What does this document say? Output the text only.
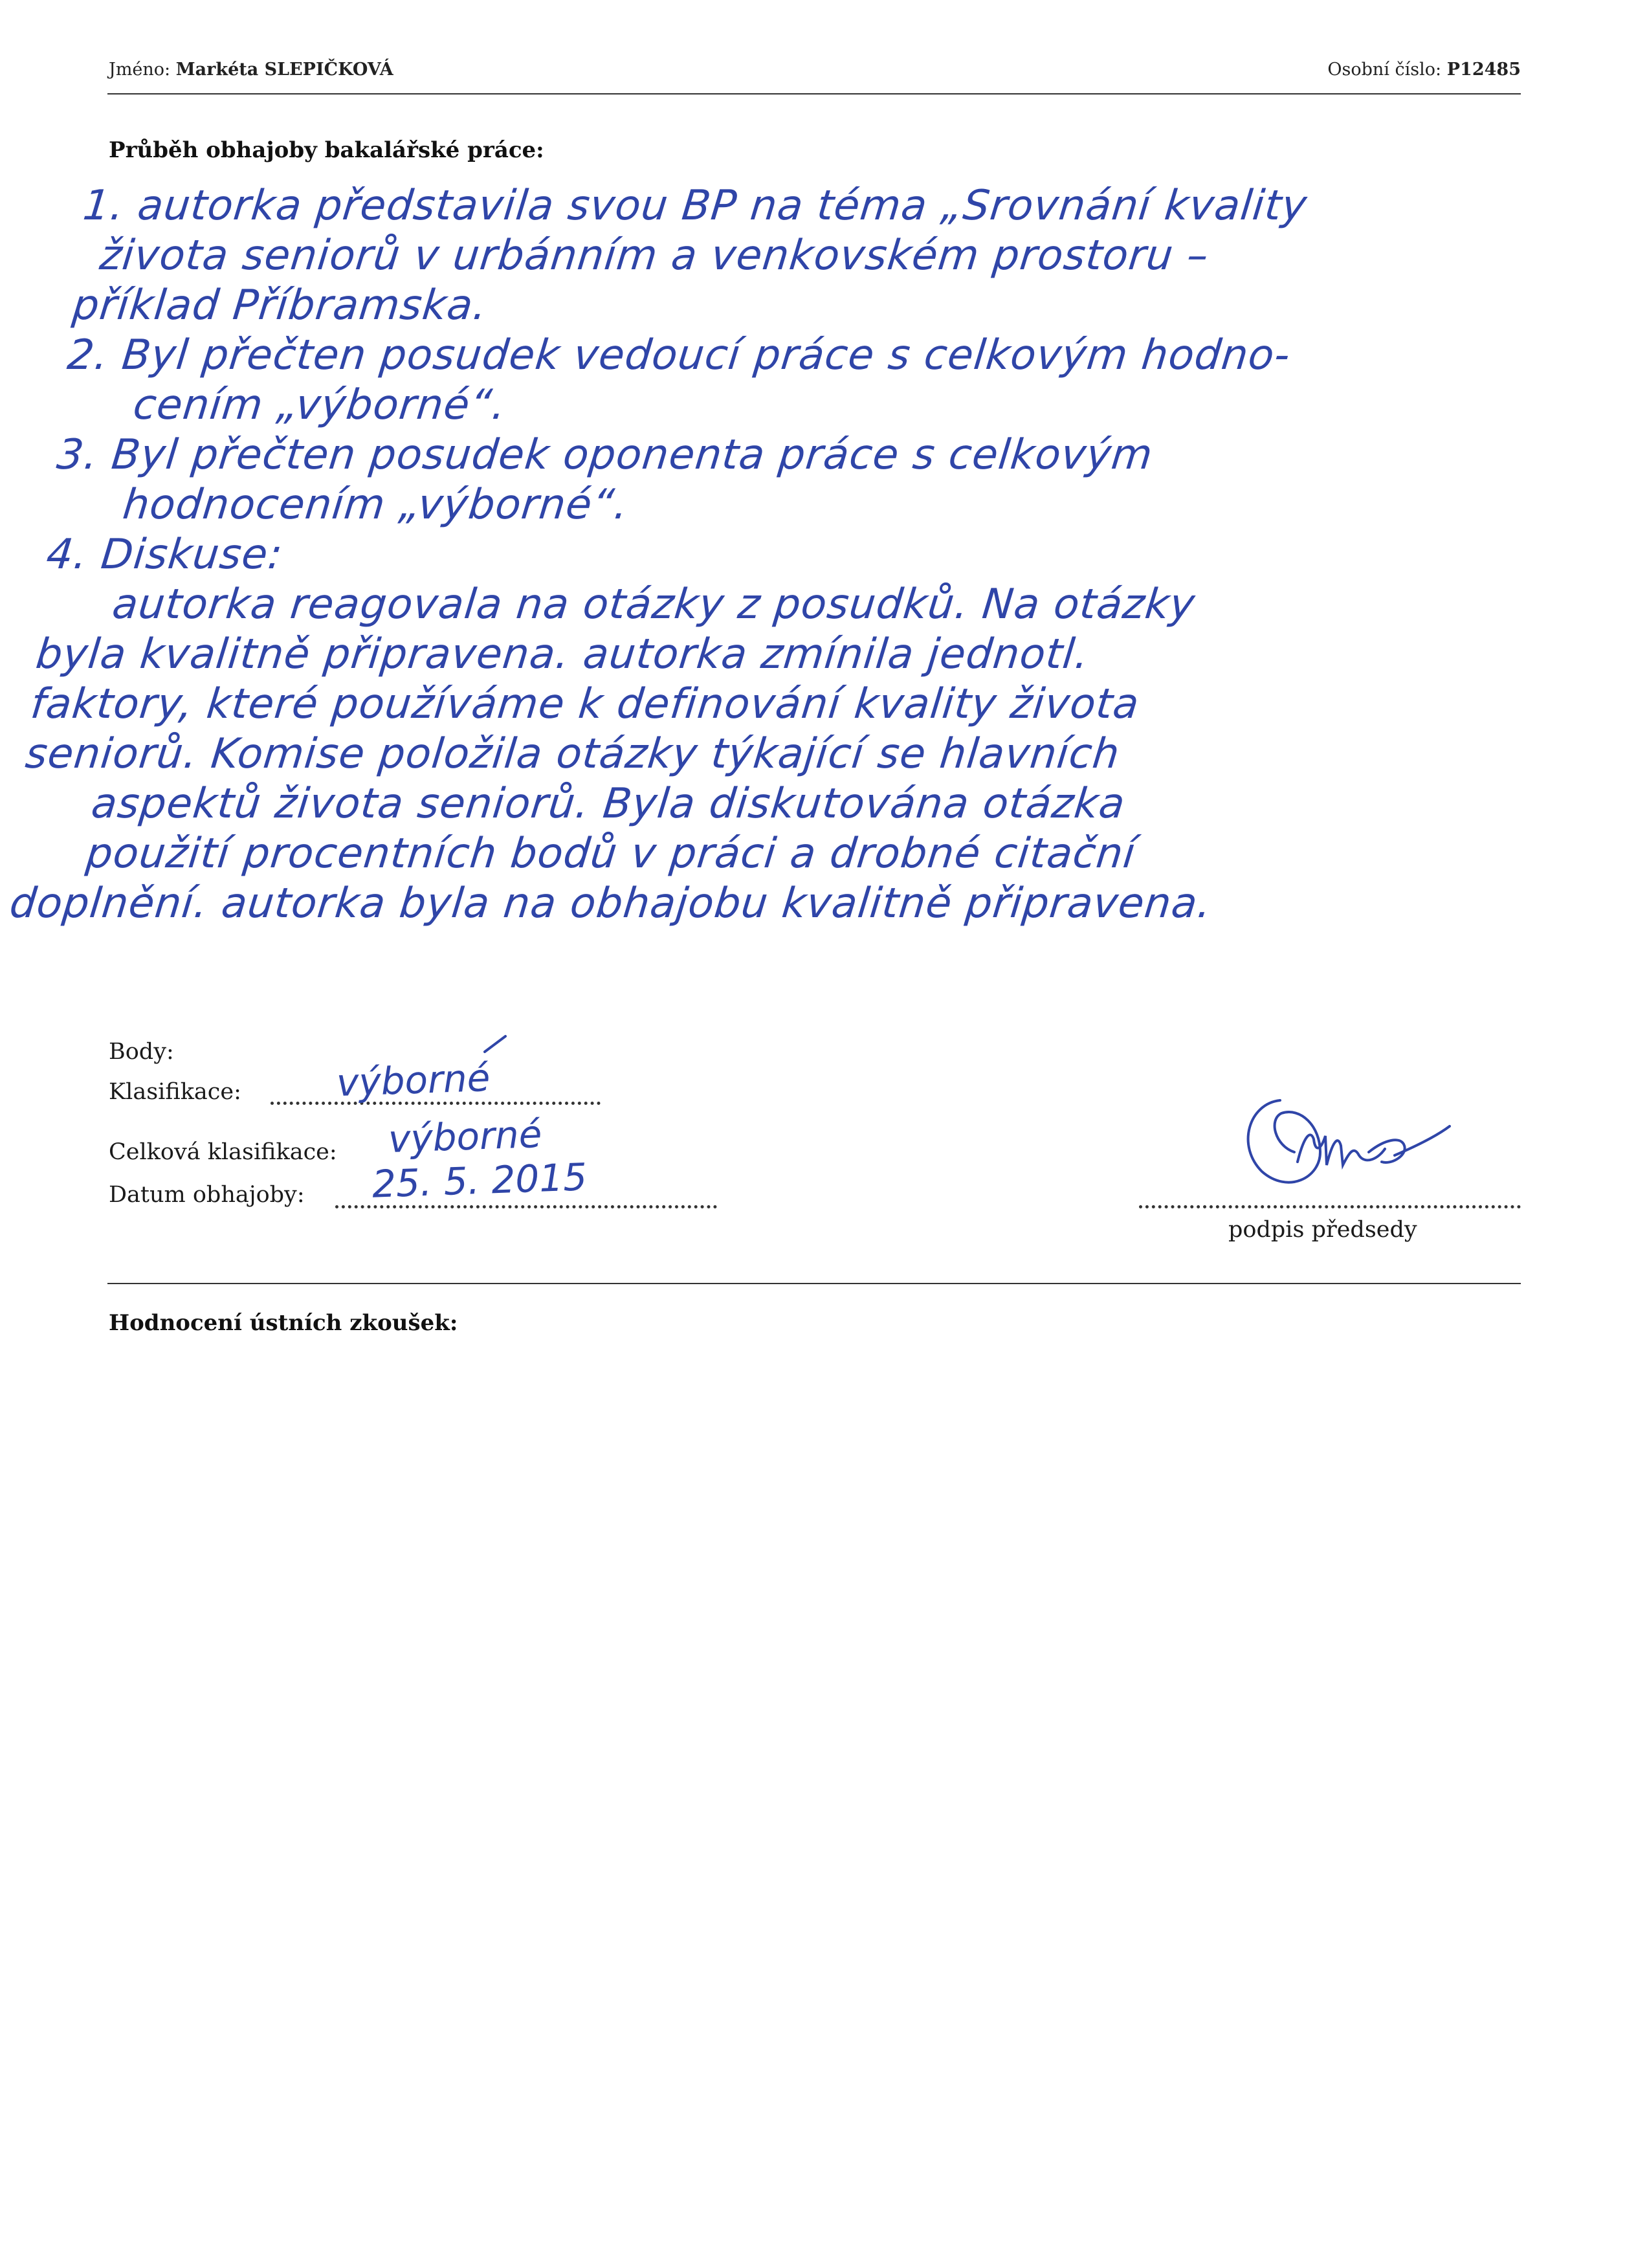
Jméno: Markéta SLEPIČKOVÁ	Osobní číslo: P12485
Průběh obhajoby bakalářské práce:
1. autorka představila svou BP na téma „Srovnání kvality
života seniorů v urbánním a venkovském prostoru –
příklad Příbramska.
2. Byl přečten posudek vedoucí práce s celkovým hodno-
cením „výborné“.
3. Byl přečten posudek oponenta práce s celkovým
hodnocením „výborné“.
4. Diskuse:
autorka reagovala na otázky z posudků. Na otázky
byla kvalitně připravena. autorka zmínila jednotl.
faktory, které používáme k definování kvality života
seniorů. Komise položila otázky týkající se hlavních
aspektů života seniorů. Byla diskutována otázka
použití procentních bodů v práci a drobné citační
doplnění. autorka byla na obhajobu kvalitně připravena.
Body:
Klasifikace:	výborné
Celková klasifikace: výborné
Datum obhajoby: 25. 5. 2015
podpis předsedy
Hodnocení ústních zkoušek:
